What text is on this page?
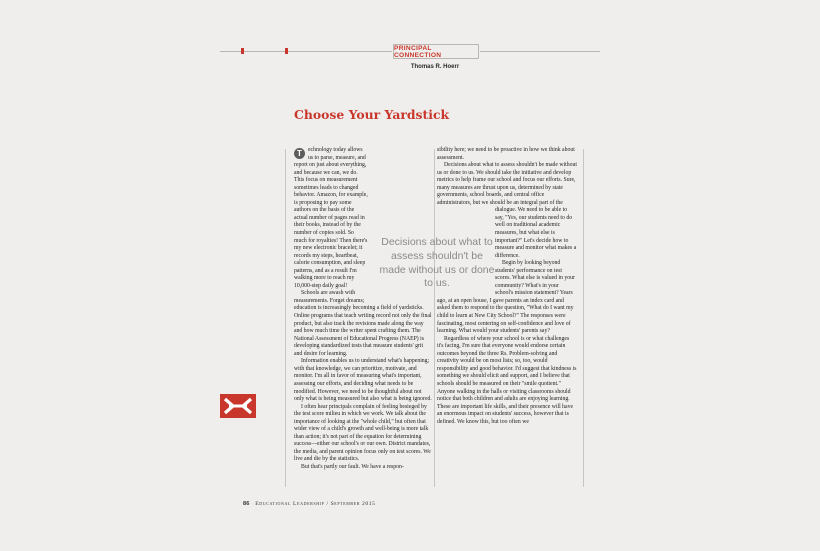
PRINCIPAL CONNECTION
Thomas R. Hoerr
Choose Your Yardstick
T	echnology today allows us to parse, measure, and report on just about everything, and because we can, we do. This focus on measurement sometimes leads to changed behavior. Amazon, for example, is proposing to pay some authors on the basis of the actual number of pages read in their books, instead of by the number of copies sold. So much for royalties! Then there's my new electronic bracelet; it records my steps, heartbeat, calorie consumption, and sleep patterns, and as a result I'm walking more to reach my 10,000-step daily goal!

Schools are awash with measurements. Forget dreams; education is increasingly becoming a field of yardsticks. Online programs that teach writing record not only the final product, but also track the revisions made along the way and how much time the writer spent crafting them. The National Assessment of Educational Progress (NAEP) is developing standardized tests that measure students' grit and desire for learning.

Information enables us to understand what's happening; with that knowledge, we can prioritize, motivate, and monitor. I'm all in favor of measuring what's important, assessing our efforts, and deciding what needs to be modified. However, we need to be thoughtful about not only what is being measured but also what is being ignored.

I often hear principals complain of feeling besieged by the test score milieu in which we work. We talk about the importance of looking at the "whole child," but often that wider view of a child's growth and well-being is more talk than action; it's not part of the equation for determining success—either our school's or our own. District mandates, the media, and parent opinion focus only on test scores. We live and die by the statistics.

But that's partly our fault. We have a respon-

sibility here; we need to be proactive in how we think about assessment.

Decisions about what to assess shouldn't be made without us or done to us. We should take the initiative and develop metrics to help frame our school and focus our efforts. Sure, many measures are thrust upon us, determined by state governments, school boards, and central office administrators, but we should be an integral part of the dialogue. We need to be able to say, "Yes, our students need to do well on traditional academic measures, but what else is important?" Let's decide how to measure and monitor what makes a difference.

Begin by looking beyond students' performance on test scores. What else is valued in your community? What's in your school's mission statement? Years ago, at an open house, I gave parents an index card and asked them to respond to the question, "What do I want my child to learn at New City School?" The responses were fascinating, most centering on self-confidence and love of learning. What would your students' parents say?

Regardless of where your school is or what challenges it's facing, I'm sure that everyone would endorse certain outcomes beyond the three Rs. Problem-solving and creativity would be on most lists; so, too, would responsibility and good behavior. I'd suggest that kindness is something we should elicit and support, and I believe that schools should be measured on their "smile quotient." Anyone walking in the halls or visiting classrooms should notice that both children and adults are enjoying learning. These are important life skills, and their presence will have an enormous impact on students' success, however that is defined. We know this, but too often we

Decisions about what to assess shouldn't be made without us or done to us.
86 Educational Leadership / September 2015
